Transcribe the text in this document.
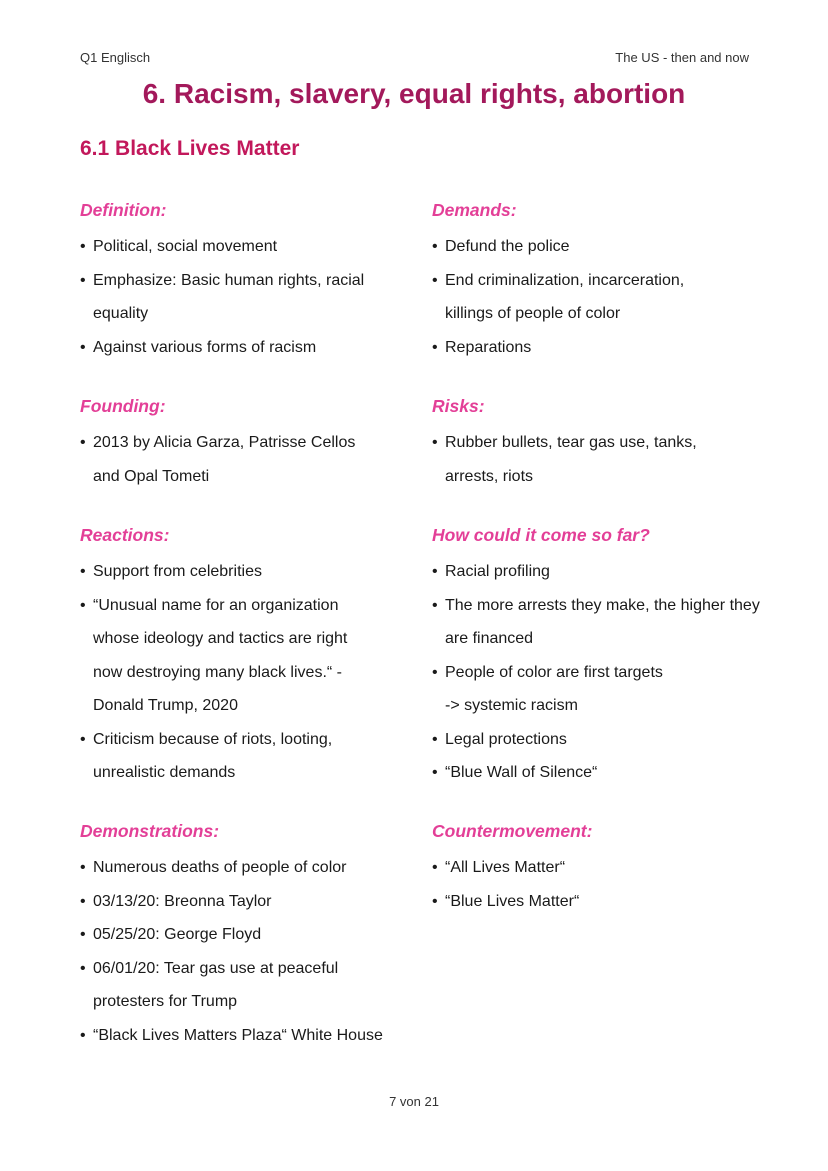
Q1 Englisch	The US - then and now
6. Racism, slavery, equal rights, abortion
6.1 Black Lives Matter
Definition:
• Political, social movement
• Emphasize: Basic human rights, racial equality
• Against various forms of racism
Demands:
• Defund the police
• End criminalization, incarceration, killings of people of color
• Reparations
Founding:
• 2013 by Alicia Garza, Patrisse Cellos and Opal Tometi
Risks:
• Rubber bullets, tear gas use, tanks, arrests, riots
Reactions:
• Support from celebrities
• “Unusual name for an organization whose ideology and tactics are right now destroying many black lives.“ - Donald Trump, 2020
• Criticism because of riots, looting, unrealistic demands
How could it come so far?
• Racial profiling
• The more arrests they make, the higher they are financed
• People of color are first targets
-> systemic racism
• Legal protections
• “Blue Wall of Silence“
Demonstrations:
• Numerous deaths of people of color
• 03/13/20: Breonna Taylor
• 05/25/20: George Floyd
• 06/01/20: Tear gas use at peaceful protesters for Trump
• “Black Lives Matters Plaza“ White House
Countermovement:
• “All Lives Matter“
• “Blue Lives Matter“
7 von 21
